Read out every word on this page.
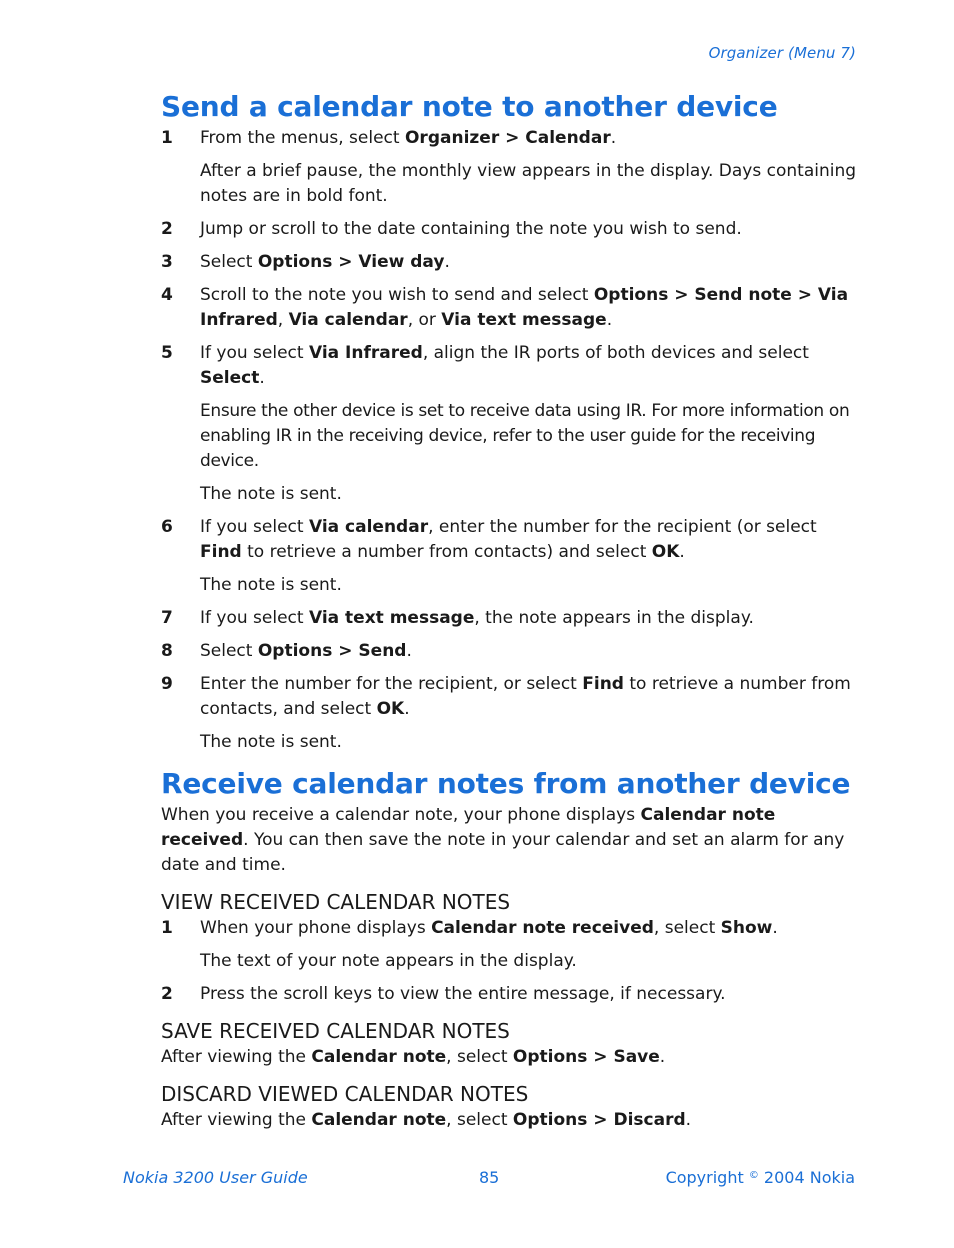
Organizer (Menu 7)
Send a calendar note to another device
1	From the menus, select Organizer > Calendar.

After a brief pause, the monthly view appears in the display. Days containing notes are in bold font.

2	Jump or scroll to the date containing the note you wish to send.

3	Select Options > View day.

4	Scroll to the note you wish to send and select Options > Send note > Via Infrared, Via calendar, or Via text message.

5	If you select Via Infrared, align the IR ports of both devices and select Select.

Ensure the other device is set to receive data using IR. For more information on enabling IR in the receiving device, refer to the user guide for the receiving device.

The note is sent.

6	If you select Via calendar, enter the number for the recipient (or select Find to retrieve a number from contacts) and select OK.

The note is sent.

7	If you select Via text message, the note appears in the display.

8	Select Options > Send.

9	Enter the number for the recipient, or select Find to retrieve a number from contacts, and select OK.

The note is sent.

Receive calendar notes from another device

When you receive a calendar note, your phone displays Calendar note received. You can then save the note in your calendar and set an alarm for any date and time.

VIEW RECEIVED CALENDAR NOTES
1	When your phone displays Calendar note received, select Show.

The text of your note appears in the display.

2	Press the scroll keys to view the entire message, if necessary.

SAVE RECEIVED CALENDAR NOTES

After viewing the Calendar note, select Options > Save.

DISCARD VIEWED CALENDAR NOTES

After viewing the Calendar note, select Options > Discard.

Nokia 3200 User Guide	85	Copyright © 2004 Nokia
